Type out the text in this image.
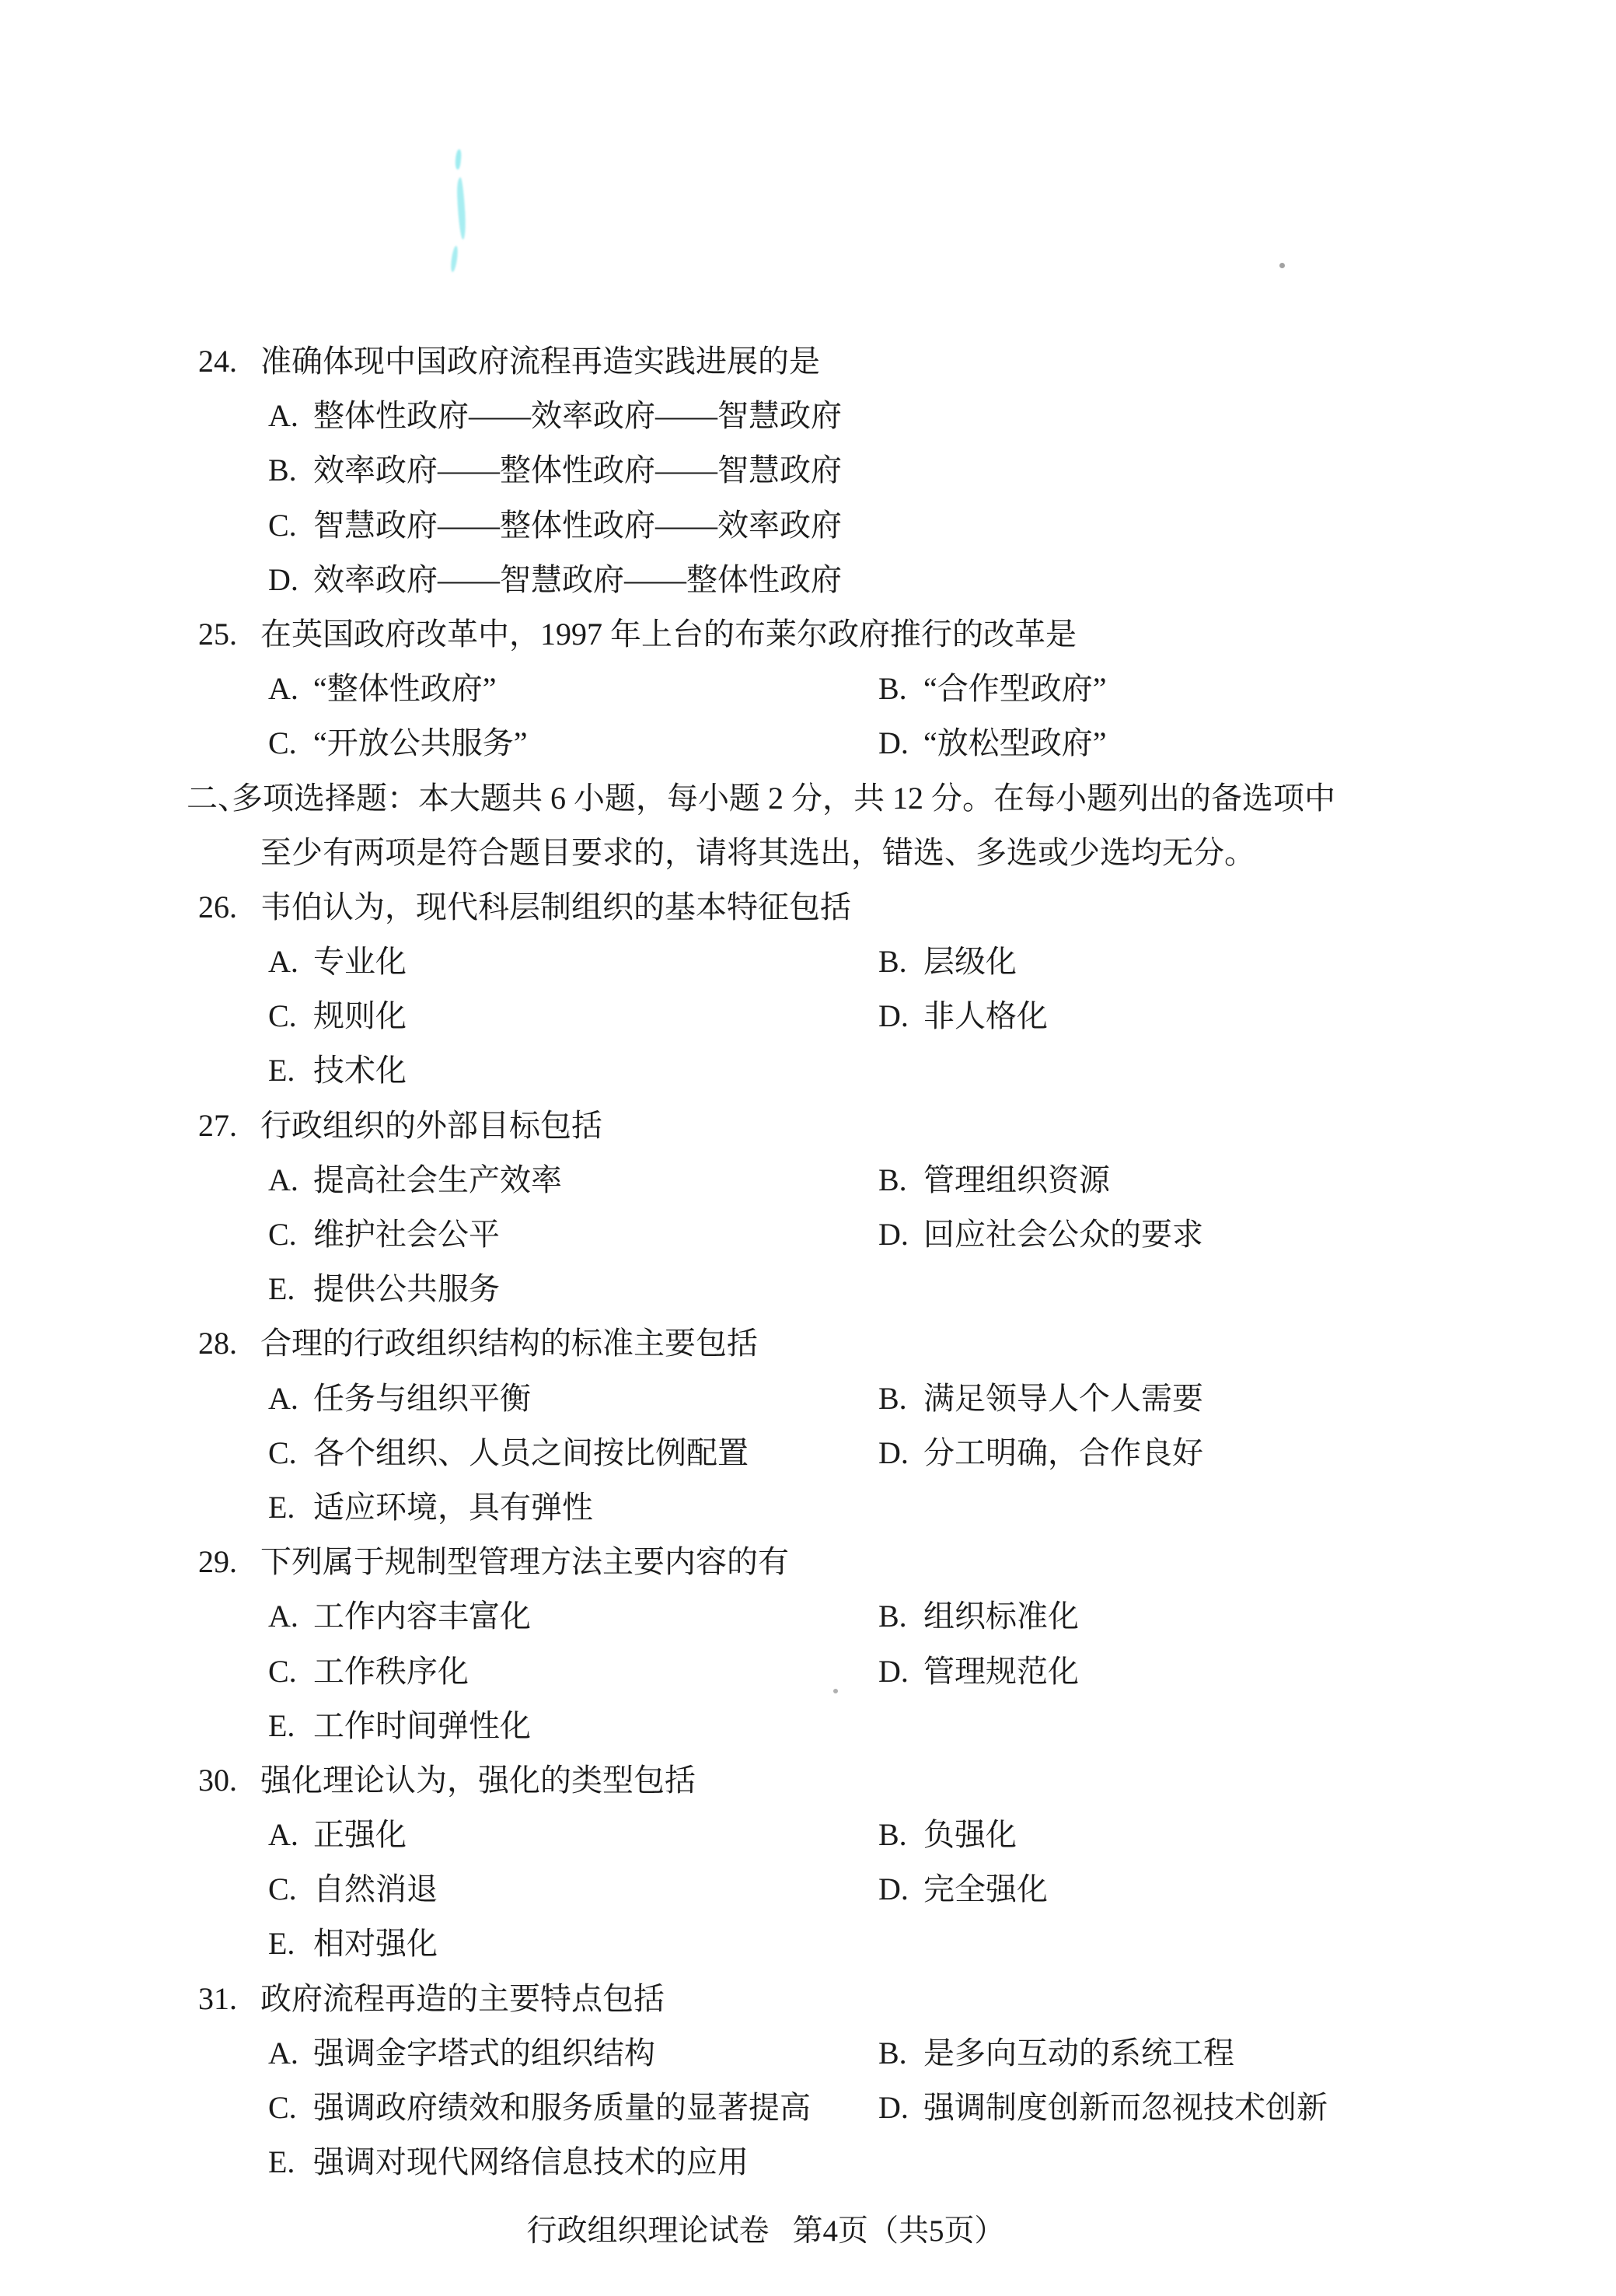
24. 准确体现中国政府流程再造实践进展的是
A. 整体性政府——效率政府——智慧政府
B. 效率政府——整体性政府——智慧政府
C. 智慧政府——整体性政府——效率政府
D. 效率政府——智慧政府——整体性政府
25. 在英国政府改革中，1997 年上台的布莱尔政府推行的改革是
A. “整体性政府”	B. “合作型政府”
C. “开放公共服务”	D. “放松型政府”
二、多项选择题：本大题共 6 小题，每小题 2 分，共 12 分。在每小题列出的备选项中
至少有两项是符合题目要求的，请将其选出，错选、多选或少选均无分。
26. 韦伯认为，现代科层制组织的基本特征包括
A. 专业化	B. 层级化
C. 规则化	D. 非人格化
E. 技术化
27. 行政组织的外部目标包括
A. 提高社会生产效率	B. 管理组织资源
C. 维护社会公平	D. 回应社会公众的要求
E. 提供公共服务
28. 合理的行政组织结构的标准主要包括
A. 任务与组织平衡	B. 满足领导人个人需要
C. 各个组织、人员之间按比例配置	D. 分工明确，合作良好
E. 适应环境，具有弹性
29. 下列属于规制型管理方法主要内容的有
A. 工作内容丰富化	B. 组织标准化
C. 工作秩序化	D. 管理规范化
E. 工作时间弹性化
30. 强化理论认为，强化的类型包括
A. 正强化	B. 负强化
C. 自然消退	D. 完全强化
E. 相对强化
31. 政府流程再造的主要特点包括
A. 强调金字塔式的组织结构	B. 是多向互动的系统工程
C. 强调政府绩效和服务质量的显著提高	D. 强调制度创新而忽视技术创新
E. 强调对现代网络信息技术的应用
行政组织理论试卷 第4页（共5页）
